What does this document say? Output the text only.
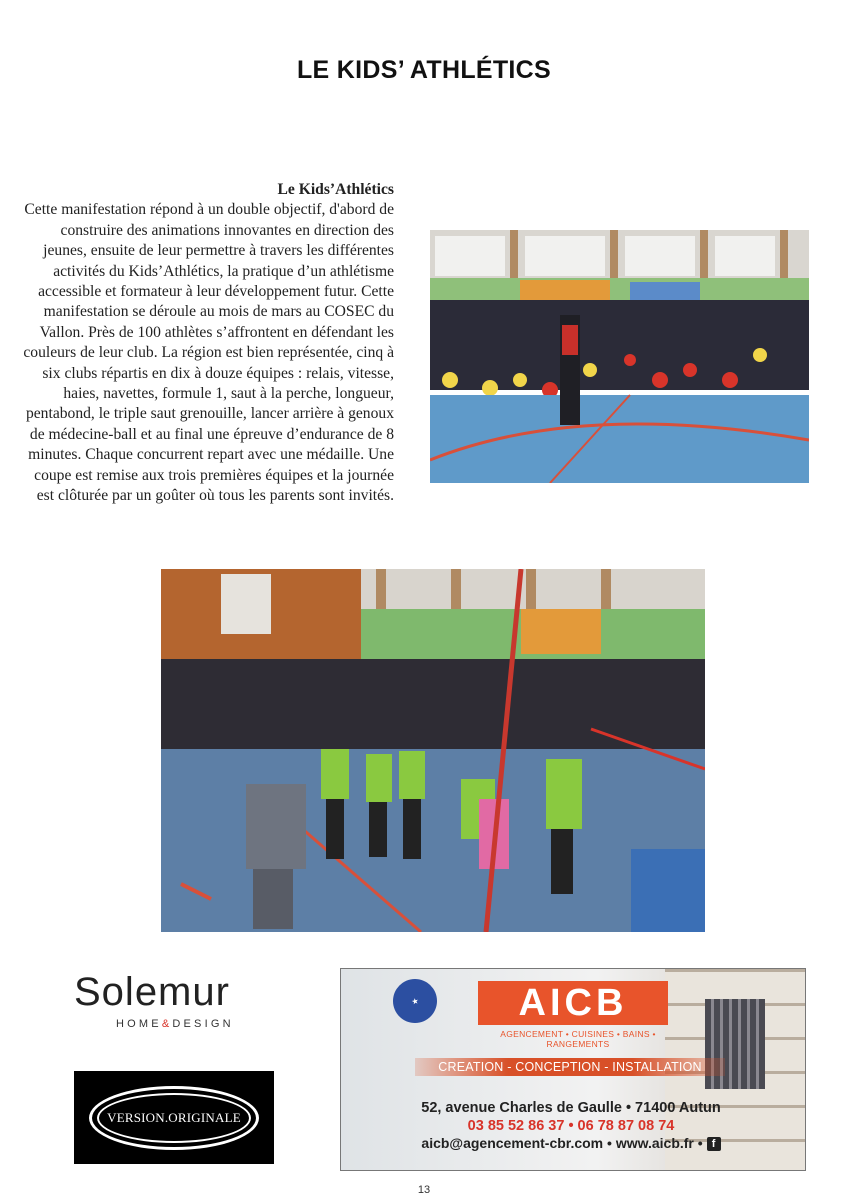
LE KIDS’ ATHLÉTICS
Le Kids’Athlétics
Cette manifestation répond à un double objectif, d'abord de construire des animations innovantes en direction des jeunes, ensuite de leur permettre à travers les différentes activités du Kids’Athlétics, la pratique d’un athlétisme accessible et formateur à leur développement futur. Cette manifestation se déroule au mois de mars au COSEC du Vallon. Près de 100 athlètes s’affrontent en défendant les couleurs de leur club. La région est bien représentée, cinq à six clubs répartis en dix à douze équipes : relais, vitesse, haies, navettes, formule 1, saut à la perche, longueur, pentabond, le triple saut grenouille, lancer arrière à genoux de médecine-ball et au final une épreuve d’endurance de 8 minutes. Chaque concurrent repart avec une médaille. Une coupe est remise aux trois premières équipes et la journée est clôturée par un goûter où tous les parents sont invités.
Solemur
HOME&DESIGN
VERSION.ORIGINALE
★	AICB
AGENCEMENT • CUISINES • BAINS • RANGEMENTS
CREATION - CONCEPTION - INSTALLATION
52, avenue Charles de Gaulle • 71400 Autun
03 85 52 86 37 • 06 78 87 08 74
aicb@agencement-cbr.com • www.aicb.fr • f
13
